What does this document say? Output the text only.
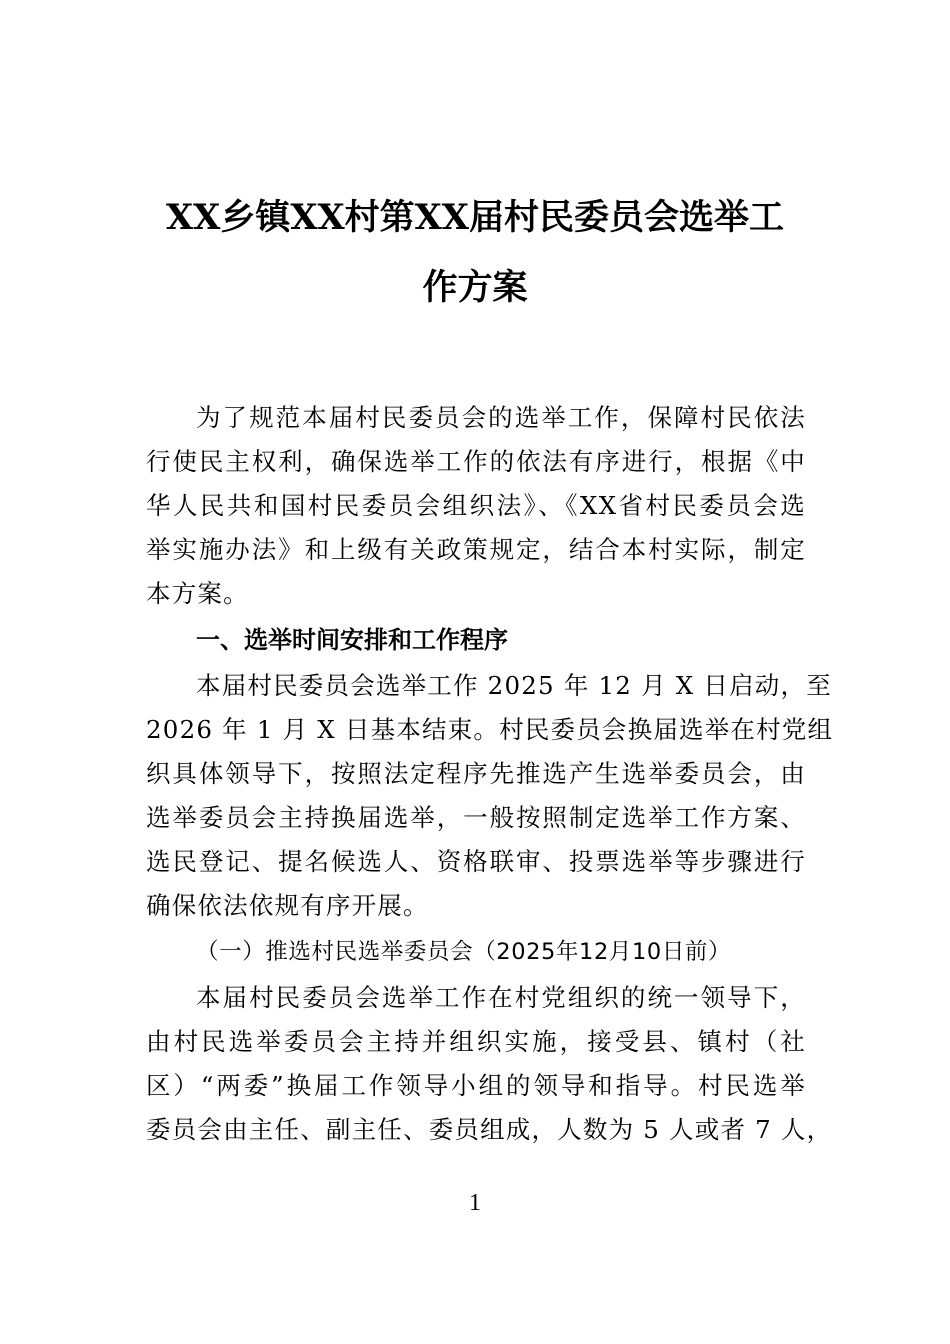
XX乡镇XX村第XX届村民委员会选举工
作方案
为了规范本届村民委员会的选举工作，保障村民依法
行使民主权利，确保选举工作的依法有序进行，根据《中
华人民共和国村民委员会组织法》、《XX省村民委员会选
举实施办法》和上级有关政策规定，结合本村实际，制定
本方案。
一、选举时间安排和工作程序
本届村民委员会选举工作 2025 年 12 月 X 日启动，至
2026 年 1 月 X 日基本结束。村民委员会换届选举在村党组
织具体领导下，按照法定程序先推选产生选举委员会，由
选举委员会主持换届选举，一般按照制定选举工作方案、
选民登记、提名候选人、资格联审、投票选举等步骤进行
确保依法依规有序开展。
（一）推选村民选举委员会（2025年12月10日前）
本届村民委员会选举工作在村党组织的统一领导下，
由村民选举委员会主持并组织实施，接受县、镇村（社
区）“两委”换届工作领导小组的领导和指导。村民选举
委员会由主任、副主任、委员组成，人数为 5 人或者 7 人，
1
